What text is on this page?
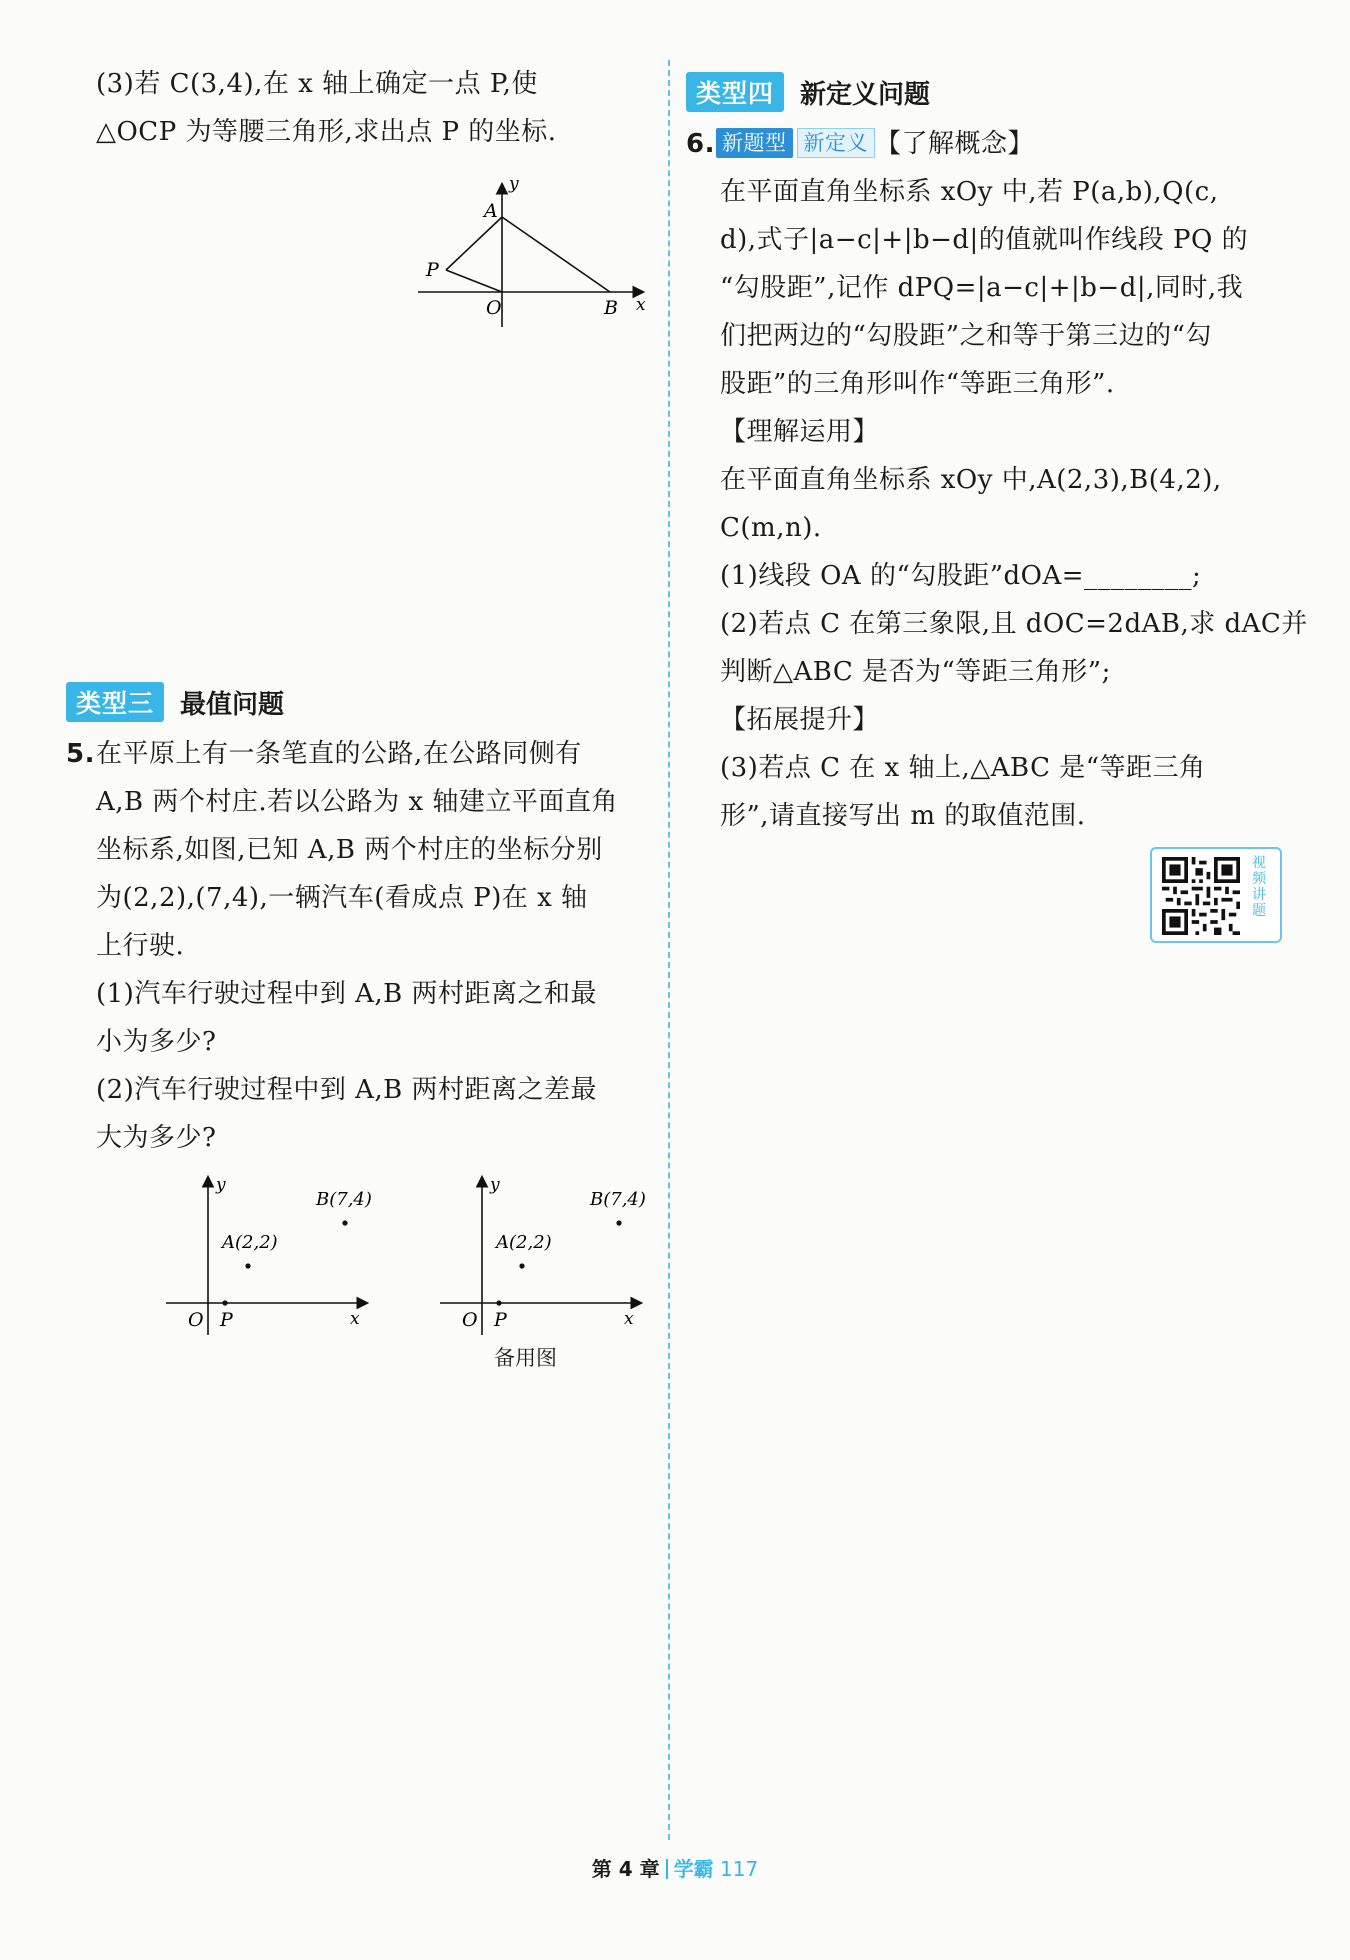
(3)若 C(3,4),在 x 轴上确定一点 P,使
△OCP 为等腰三角形,求出点 P 的坐标.
A
y
P
O	B x
类型三	最值问题
5.在平原上有一条笔直的公路,在公路同侧有
A,B 两个村庄.若以公路为 x 轴建立平面直角
坐标系,如图,已知 A,B 两个村庄的坐标分别
为(2,2),(7,4),一辆汽车(看成点 P)在 x 轴
上行驶.
(1)汽车行驶过程中到 A,B 两村距离之和最
小为多少?
(2)汽车行驶过程中到 A,B 两村距离之差最
大为多少?
y
B(7,4)
A(2,2)
O P	x
y
B(7,4)
A(2,2)
O P	x
备用图
类型四	新定义问题
6. 新题型 新定义 【了解概念】
在平面直角坐标系 xOy 中,若 P(a,b),Q(c,
d),式子|a−c|+|b−d|的值就叫作线段 PQ 的
“勾股距”,记作 dPQ=|a−c|+|b−d|,同时,我
们把两边的“勾股距”之和等于第三边的“勾
股距”的三角形叫作“等距三角形”.
【理解运用】
在平面直角坐标系 xOy 中,A(2,3),B(4,2),
C(m,n).
(1)线段 OA 的“勾股距”dOA=________;
(2)若点 C 在第三象限,且 dOC=2dAB,求 dAC并
判断△ABC 是否为“等距三角形”;
【拓展提升】
(3)若点 C 在 x 轴上,△ABC 是“等距三角
形”,请直接写出 m 的取值范围.
视频讲题
第 4 章 学霸 117
